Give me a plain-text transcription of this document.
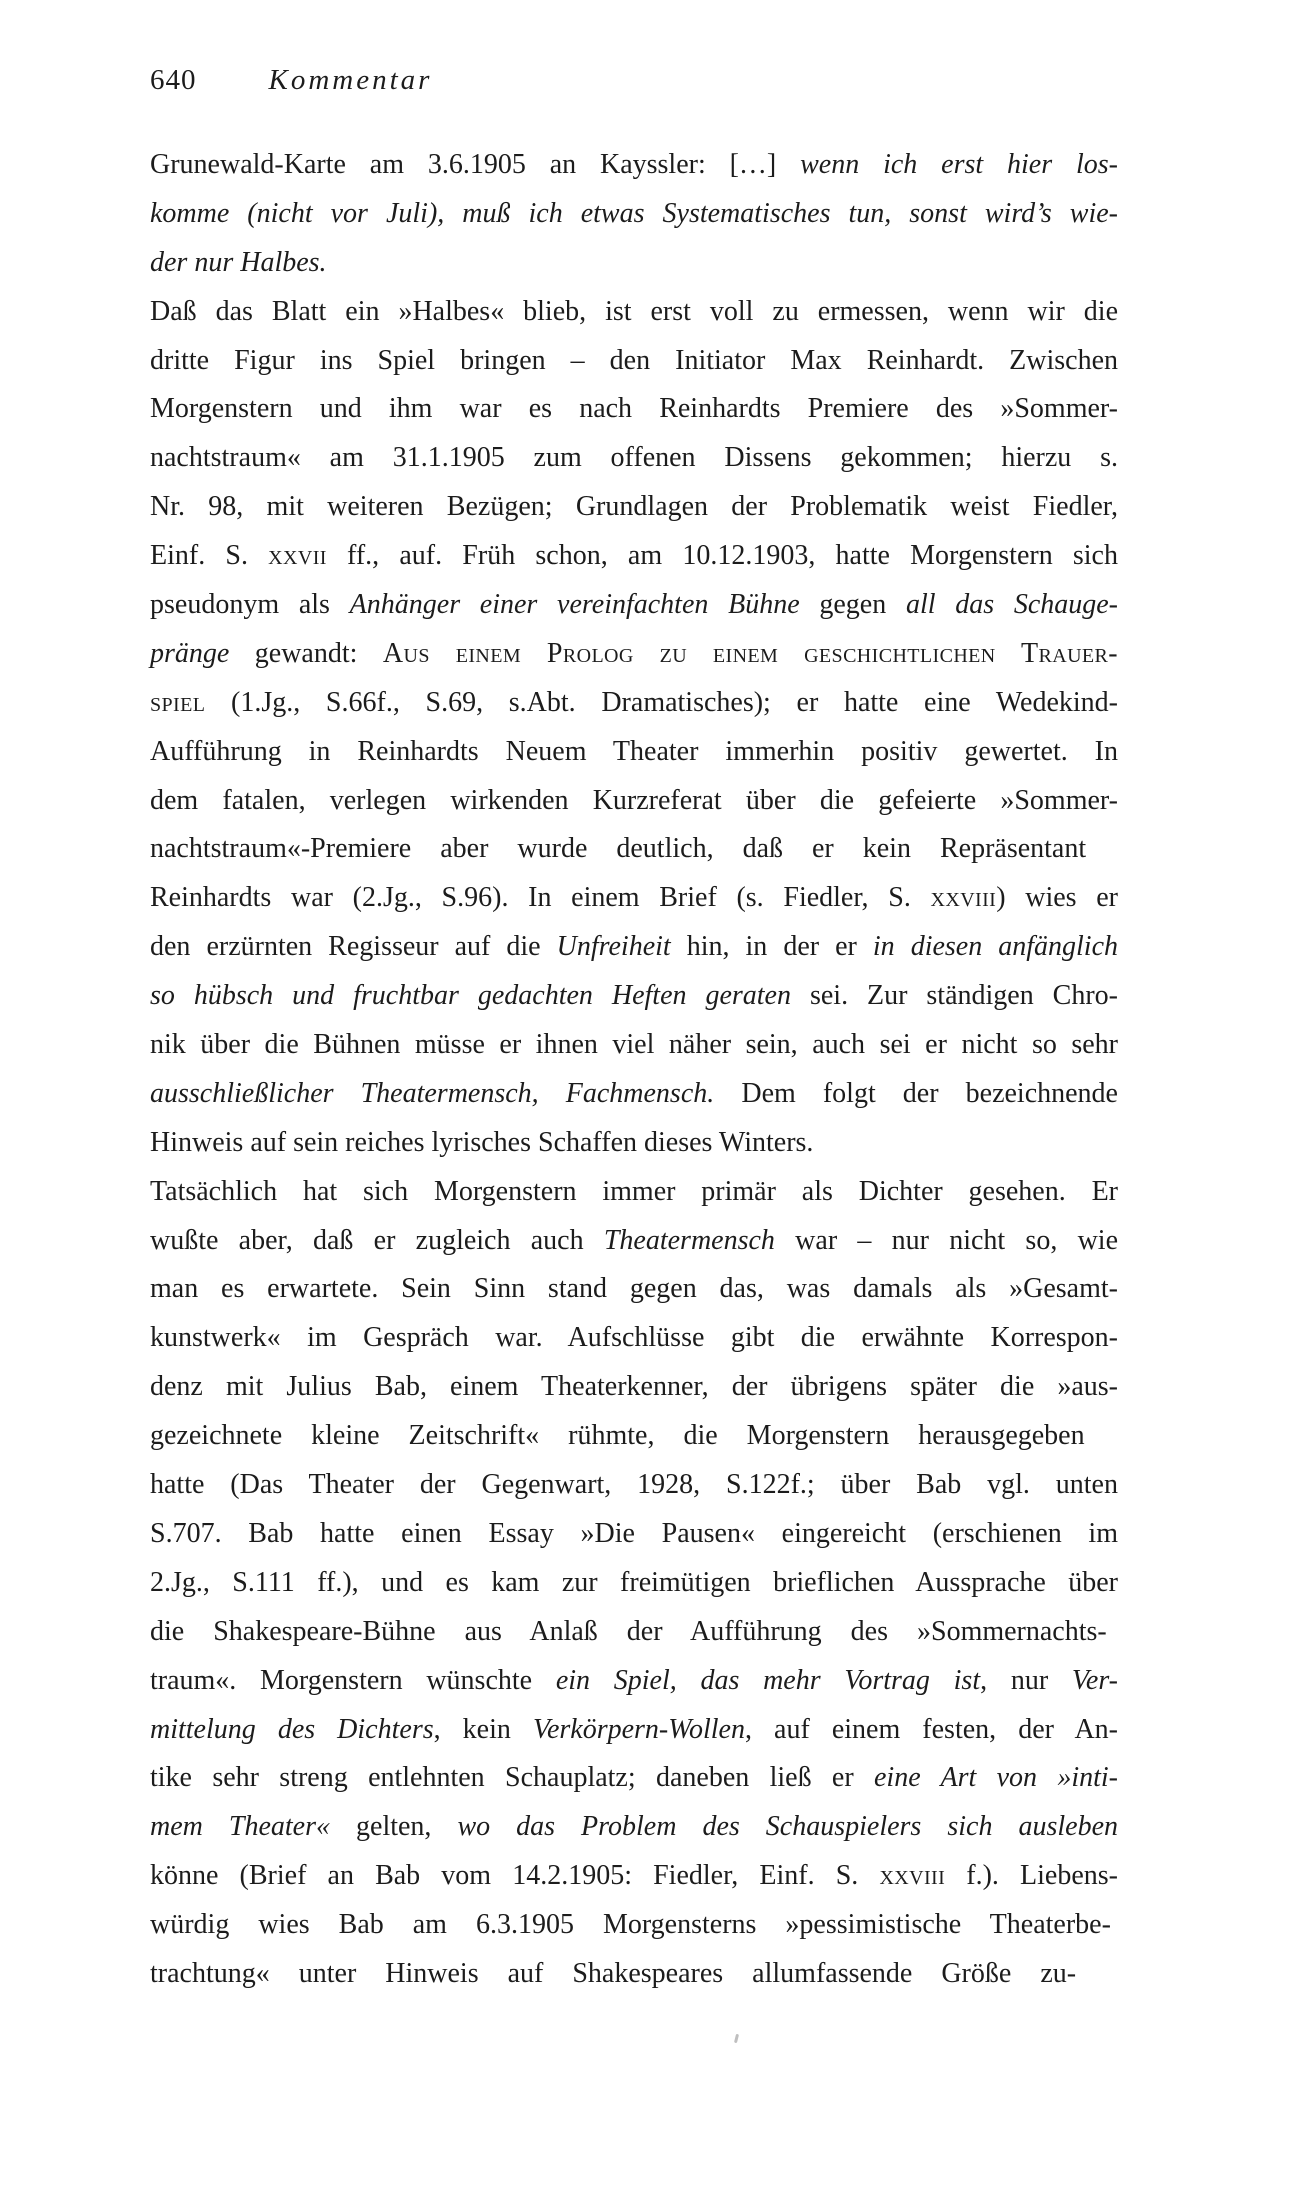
640 Kommentar
Grunewald-Karte am 3.6.1905 an Kayssler: […] wenn ich erst hier los-
komme (nicht vor Juli), muß ich etwas Systematisches tun, sonst wird’s wie-
der nur Halbes.
Daß das Blatt ein »Halbes« blieb, ist erst voll zu ermessen, wenn wir die
dritte Figur ins Spiel bringen – den Initiator Max Reinhardt. Zwischen
Morgenstern und ihm war es nach Reinhardts Premiere des »Sommer-
nachtstraum« am 31.1.1905 zum offenen Dissens gekommen; hierzu s.
Nr. 98, mit weiteren Bezügen; Grundlagen der Problematik weist Fiedler,
Einf. S. xxvii ff., auf. Früh schon, am 10.12.1903, hatte Morgenstern sich
pseudonym als Anhänger einer vereinfachten Bühne gegen all das Schauge-
pränge gewandt: Aus einem Prolog zu einem geschichtlichen Trauer-
spiel (1.Jg., S.66f., S.69, s.Abt. Dramatisches); er hatte eine Wedekind-
Aufführung in Reinhardts Neuem Theater immerhin positiv gewertet. In
dem fatalen, verlegen wirkenden Kurzreferat über die gefeierte »Sommer-
nachtstraum«-Premiere aber wurde deutlich, daß er kein Repräsentant
Reinhardts war (2.Jg., S.96). In einem Brief (s. Fiedler, S. xxviii) wies er
den erzürnten Regisseur auf die Unfreiheit hin, in der er in diesen anfänglich
so hübsch und fruchtbar gedachten Heften geraten sei. Zur ständigen Chro-
nik über die Bühnen müsse er ihnen viel näher sein, auch sei er nicht so sehr
ausschließlicher Theatermensch, Fachmensch. Dem folgt der bezeichnende
Hinweis auf sein reiches lyrisches Schaffen dieses Winters.
Tatsächlich hat sich Morgenstern immer primär als Dichter gesehen. Er
wußte aber, daß er zugleich auch Theatermensch war – nur nicht so, wie
man es erwartete. Sein Sinn stand gegen das, was damals als »Gesamt-
kunstwerk« im Gespräch war. Aufschlüsse gibt die erwähnte Korrespon-
denz mit Julius Bab, einem Theaterkenner, der übrigens später die »aus-
gezeichnete kleine Zeitschrift« rühmte, die Morgenstern herausgegeben
hatte (Das Theater der Gegenwart, 1928, S.122f.; über Bab vgl. unten
S.707. Bab hatte einen Essay »Die Pausen« eingereicht (erschienen im
2.Jg., S.111 ff.), und es kam zur freimütigen brieflichen Aussprache über
die Shakespeare-Bühne aus Anlaß der Aufführung des »Sommernachts-
traum«. Morgenstern wünschte ein Spiel, das mehr Vortrag ist, nur Ver-
mittelung des Dichters, kein Verkörpern-Wollen, auf einem festen, der An-
tike sehr streng entlehnten Schauplatz; daneben ließ er eine Art von »inti-
mem Theater« gelten, wo das Problem des Schauspielers sich ausleben
könne (Brief an Bab vom 14.2.1905: Fiedler, Einf. S. xxviii f.). Liebens-
würdig wies Bab am 6.3.1905 Morgensterns »pessimistische Theaterbe-
trachtung« unter Hinweis auf Shakespeares allumfassende Größe zu-
